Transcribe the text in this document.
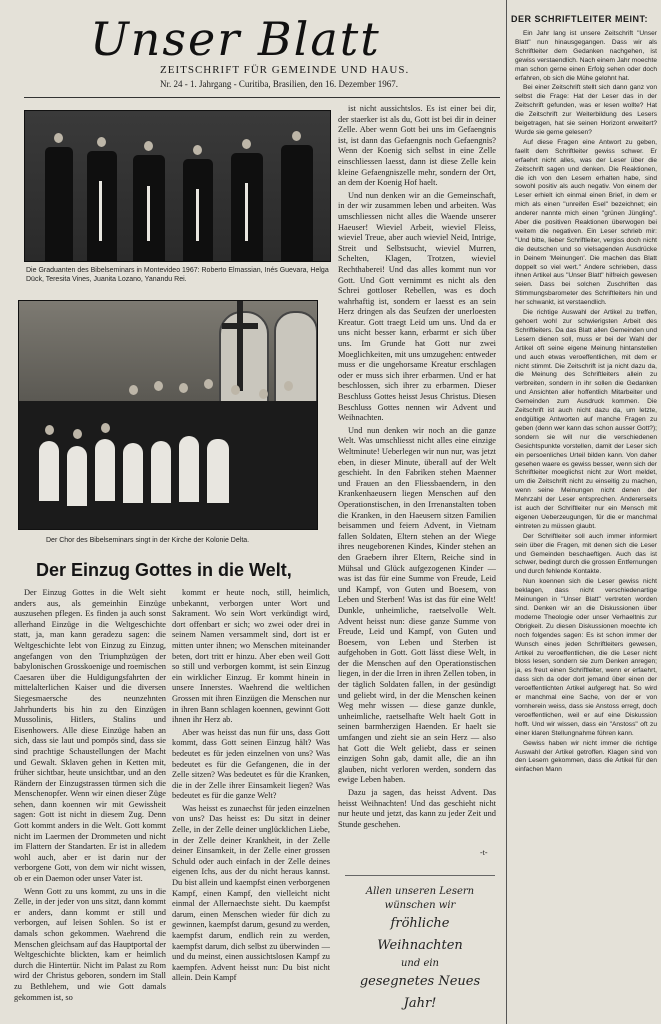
Unser Blatt
ZEITSCHRIFT FÜR GEMEINDE UND HAUS.
Nr. 24 - 1. Jahrgang - Curitiba, Brasilien, den 16. Dezember 1967.
Die Graduanten des Bibelseminars in Montevideo 1967: Roberto Elmassian, Inés Guevara, Helga Dück, Teresita Vines, Juanita Lozano, Yanandu Rei.
Der Chor des Bibelseminars singt in der Kirche der Kolonie Delta.
Der Einzug Gottes in die Welt,

Der Einzug Gottes in die Welt sieht anders aus, als gemeinhin Einzüge auszusehen pflegen. Es finden ja auch sonst allerhand Einzüge in die Weltgeschichte statt, ja, man kann geradezu sagen: die Weltgeschichte lebt von Einzug zu Einzug, angefangen von den Triumphzügen der babylonischen Grosskoenige und roemischen Caesaren über die Huldigungsfahrten der mittelalterlichen Kaiser und die diversen Siegesmaersche des neunzehnten Jahrhunderts bis hin zu den Einzügen Mussolinis, Hitlers, Stalins und Eisenhowers. Alle diese Einzüge haben an sich, dass sie laut und pompös sind, dass sie sind prachtige Schaustellungen der Macht und Gewalt. Sklaven gehen in Ketten mit, früher sichtbar, heute unsichtbar, und an den Rändern der Einzugstrassen türmen sich die Menschenopfer. Wenn wir einen dieser Züge sehen, dann koennen wir mit Gewissheit sagen: Gott ist nicht in diesem Zug. Denn Gott kommt anders in die Welt. Gott kommt nicht im Laermen der Drommeten und nicht im Flattern der Standarten. Er ist in alledem wohl auch, aber er ist darin nur der verborgene Gott, von dem wir nicht wissen, ob er ein Daemon oder unser Vater ist.

Wenn Gott zu uns kommt, zu uns in die Zelle, in der jeder von uns sitzt, dann kommt er anders, dann kommt er still und verborgen, auf leisen Sohlen. So ist er damals schon gekommen. Waehrend die Menschen gleichsam auf das Hauptportal der Weltgeschichte blickten, kam er heimlich durch die Hintertür. Nicht im Palast zu Rom wird der Christus geboren, sondern im Stall zu Bethlehem, und wie Gott damals gekommen ist, so

kommt er heute noch, still, heimlich, unbekannt, verborgen unter Wort und Sakrament. Wo sein Wort verkündigt wird, dort offenbart er sich; wo zwei oder drei in seinem Namen versammelt sind, dort ist er mitten unter ihnen; wo Menschen miteinander beten, dort tritt er hinzu. Aber eben weil Gott so still und verborgen kommt, ist sein Einzug ein wirklicher Einzug. Er kommt hinein in unsere Innerstes. Waehrend die weltlichen Grossen mit ihren Einzügen die Menschen nur in ihren Bann schlagen koennen, gewinnt Gott ihnen ihr Herz ab.

Aber was heisst das nun für uns, dass Gott kommt, dass Gott seinen Einzug hält? Was bedeutet es für jeden einzelnen von uns? Was bedeutet es für die Gefangenen, die in der Zelle sitzen? Was bedeutet es für die Kranken, die in der Zelle ihrer Einsamkeit liegen? Was bedeutet es für die ganze Welt?

Was heisst es zunaechst für jeden einzelnen von uns? Das heisst es: Du sitzt in deiner Zelle, in der Zelle deiner unglücklichen Liebe, in der Zelle deiner Krankheit, in der Zelle deiner Einsamkeit, in der Zelle einer grossen Schuld oder auch einfach in der Zelle deines eigenen Ichs, aus der du nicht heraus kannst. Du bist allein und kaempfst einen verborgenen Kampf, einen Kampf, den vielleicht nicht einmal der Allernaechste sieht. Du kaempfst darum, einen Menschen wieder für dich zu gewinnen, kaempfst darum, gesund zu werden, kaempfst darum, endlich rein zu werden, kaempfst darum, dich selbst zu überwinden — und du meinst, einen aussichtslosen Kampf zu kaempfen. Advent heisst nun: Du bist nicht allein. Dein Kampf

ist nicht aussichtslos. Es ist einer bei dir, der staerker ist als du, Gott ist bei dir in deiner Zelle. Aber wenn Gott bei uns im Gefaengnis ist, ist dann das Gefaengnis noch Gefaengnis? Wenn der Koenig sich selbst in eine Zelle einschliessen laesst, dann ist diese Zelle kein kleine Gefaengniszelle mehr, sondern der Ort, an dem der Koenig Hof haelt.

Und nun denken wir an die Gemeinschaft, in der wir zusammen leben und arbeiten. Was umschliessen nicht alles die Waende unserer Haeuser! Wieviel Arbeit, wieviel Fleiss, wieviel Treue, aber auch wieviel Neid, Intrige, Streit und Selbstsucht, wieviel Murren, Schelten, Klagen, Trotzen, wieviel Rechthaberei! Und das alles kommt nun vor Gott. Und Gott vernimmt es nicht als den Schrei gottloser Rebellen, was es doch wahrhaftig ist, sondern er laesst es an sein Herz dringen als das Seufzen der unerloesten Kreatur. Gott traegt Leid um uns. Und da er uns nicht besser kann, erbarmt er sich über uns. Im Grunde hat Gott nur zwei Moeglichkeiten, mit uns umzugehen: entweder muss er die ungehorsame Kreatur erschlagen oder er muss sich ihrer erbarmen. Und er hat beschlossen, sich ihrer zu erbarmen. Dieser Beschluss Gottes heisst Jesus Christus. Diesen Beschluss Gottes nennen wir Advent und Weihnachten.

Und nun denken wir noch an die ganze Welt. Was umschliesst nicht alles eine einzige Weltminute! Ueberlegen wir nun nur, was jetzt eben, in dieser Minute, überall auf der Welt geschieht. In den Fabriken stehen Maenner und Frauen an den Fliessbaendern, in den Krankenhaeusern liegen Menschen auf den Operationstischen, in den Irrenanstalten toben die Kranken, in den Haeusern sitzen Familien beisammen und feiern Advent, in Vietnam fallen Soldaten, Eltern stehen an der Wiege ihres neugeborenen Kindes, Kinder stehen an den Graebern ihrer Eltern, Reiche sind in Mühsal und Glück aufgezogenen Kinder — was ist das für eine Summe von Freude, Leid und Kampf, von Guten und Boesem, von Leben und Sterben! Was ist das für eine Welt! Dunkle, unheimliche, raetselvolle Welt. Advent heisst nun: diese ganze Summe von Freude, Leid und Kampf, von Guten und Boesem, von Leben und Sterben ist aufgehoben in Gott. Gott lässt diese Welt, in der die Menschen auf den Operationstischen liegen, in der die Irren in ihren Zellen toben, in der täglich Soldaten fallen, in der gesündigt und geliebt wird, in der die Menschen keinen Weg mehr wissen — diese ganze dunkle, unheimliche, raetselhafte Welt haelt Gott in seinen barmherzigen Haenden. Er haelt sie umfangen und zieht sie an sein Herz — also hat Gott die Welt geliebt, dass er seinen einzigen Sohn gab, damit alle, die an ihn glauben, nicht verloren werden, sondern das ewige Leben haben.

Dazu ja sagen, das heisst Advent. Das heisst Weihnachten! Und das geschieht nicht nur heute und jetzt, das kann zu jeder Zeit und Stunde geschehen.

-t-
Allen unseren Lesern
wünschen wir
fröhliche Weihnachten
und ein
gesegnetes Neues Jahr!
DER SCHRIFTLEITER MEINT:

Ein Jahr lang ist unsere Zeitschrift "Unser Blatt" nun hinausgegangen. Dass wir als Schriftleiter dem Gedanken nachgehen, ist gewiss verstaendlich. Nach einem Jahr moechte man schon gerne einen Erfolg sehen oder doch erfahren, ob sich die Mühe gelohnt hat.

Bei einer Zeitschrift stellt sich dann ganz von selbst die Frage: Hat der Leser das in der Zeitschrift gefunden, was er lesen wollte? Hat die Zeitschrift zur Weiterbildung des Lesers beigetragen, hat sie seinen Horizont erweitert? Wurde sie gerne gelesen?

Auf diese Fragen eine Antwort zu geben, faellt dem Schriftleiter gewiss schwer. Er erfaehrt nicht alles, was der Leser über die Zeitschrift sagen und denken. Die Reaktionen, die ich von den Lesern erhalten habe, sind sowohl positiv als auch negativ. Von einem der Leser erhielt ich einmal einen Brief, in dem er mich als einen "unreifen Esel" bezeichnet; ein anderer nannte mich einen "grünen Jüngling". Aber die positiven Reaktionen überwogen bei weitem die negativen. Ein Leser schrieb mir: "Und bitte, lieber Schriftleiter, vergiss doch nicht die deutschen und so vielsagenden Ausdrücke in Deinem 'Meinungen'. Die machen das Blatt doppelt so viel wert." Andere schrieben, dass ihnen Artikel aus "Unser Blatt" hilfreich gewesen seien. Dass bei solchen Zuschriften das Stimmungsbarometer des Schriftleiters hin und her schwankt, ist verstaendlich.

Die richtige Auswahl der Artikel zu treffen, gehoert wohl zur schwierigsten Arbeit des Schriftleiters. Da das Blatt allen Gemeinden und Lesern dienen soll, muss er bei der Wahl der Artikel oft seine eigene Meinung hintanstellen und auch etwas veroeffentlichen, mit dem er nicht stimmt. Die Zeitschrift ist ja nicht dazu da, die Meinung des Schriftleiters allein zu verbreiten, sondern in ihr sollen die Gedanken und Ansichten aller hoffentlich Mitarbeiter und Gemeinden zum Ausdruck kommen. Die Zeitschrift ist auch nicht dazu da, um letzte, endgültige Antworten auf manche Fragen zu geben (denn wer kann das schon ausser Gott?); sondern sie will nur die verschiedenen Gesichtspunkte vorstellen, damit der Leser sich ein persoenliches Urteil bilden kann. Von daher gesehen waere es gewiss besser, wenn sich der Schriftleiter moeglichst nicht zur Wort meldet, um die Zeitschrift nicht zu einseitig zu machen, wenn seine Meinungen nicht denen der Mehrzahl der Leser entsprechen. Andererseits ist auch der Schriftleiter nur ein Mensch mit eigenen Ueberzeugungen, für die er manchmal eintreten zu müssen glaubt.

Der Schriftleiter soll auch immer informiert sein über die Fragen, mit denen sich die Leser und Gemeinden beschaeftigen. Auch das ist schwer, bedingt durch die grossen Entfernungen und durch fehlende Kontakte.

Nun koennen sich die Leser gewiss nicht beklagen, dass nicht verschiedenartige Meinungen in "Unser Blatt" vertreten worden sind. Denken wir an die Diskussionen über moderne Theologie oder unser Verhaeltnis zur Obrigkeit. Zu diesen Diskussionen moechte ich noch folgendes sagen: Es ist schon immer der Wunsch eines jeden Schriftleiters gewesen, Artikel zu veroeffentlichen, die die Leser nicht bloss lesen, sondern sie zum Denken anregen; ja, es freut einen Schriftleiter, wenn er erfaehrt, dass sich da oder dort jemand über einen der veroeffentlichten Artikel aufgeregt hat. So wird er manchmal eine Sache, von der er von vornherein weiss, dass sie Anstoss erregt, doch veroeffentlichen, weil er auf eine Diskussion hofft. Und wir wissen, dass ein "Anstoss" oft zu einer klaren Stellungnahme führen kann.

Gewiss haben wir nicht immer die richtige Auswahl der Artikel getroffen. Klagen sind von den Lesern gekommen, dass die Artikel für den einfachen Mann
